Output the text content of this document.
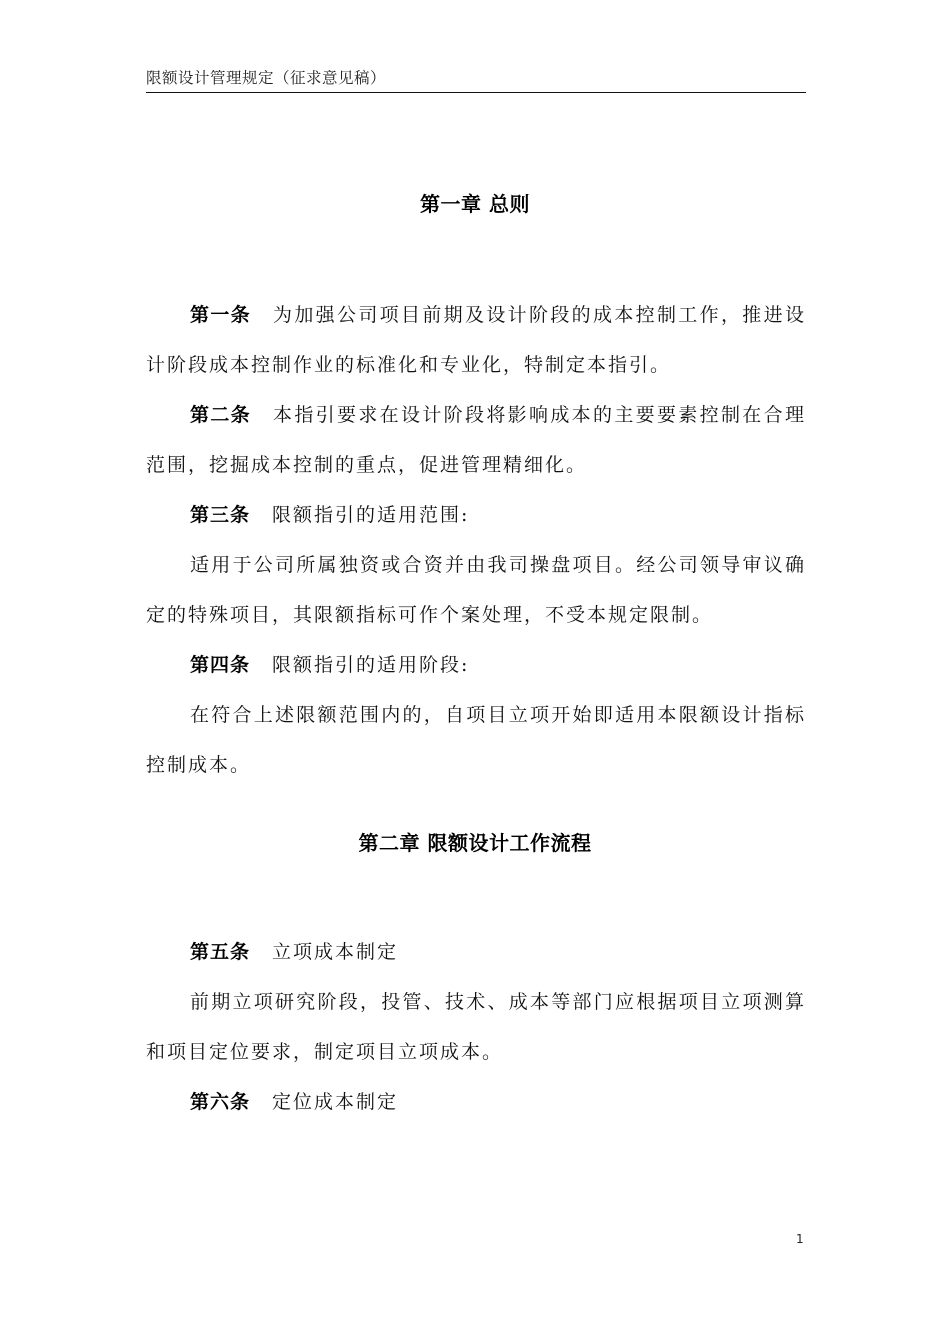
限额设计管理规定（征求意见稿）
第一章 总则
第一条 为加强公司项目前期及设计阶段的成本控制工作，推进设计阶段成本控制作业的标准化和专业化，特制定本指引。
第二条 本指引要求在设计阶段将影响成本的主要要素控制在合理范围，挖掘成本控制的重点，促进管理精细化。
第三条 限额指引的适用范围:
适用于公司所属独资或合资并由我司操盘项目。经公司领导审议确定的特殊项目，其限额指标可作个案处理，不受本规定限制。
第四条 限额指引的适用阶段:
在符合上述限额范围内的，自项目立项开始即适用本限额设计指标控制成本。
第二章 限额设计工作流程
第五条 立项成本制定
前期立项研究阶段，投管、技术、成本等部门应根据项目立项测算和项目定位要求，制定项目立项成本。
第六条 定位成本制定
1
